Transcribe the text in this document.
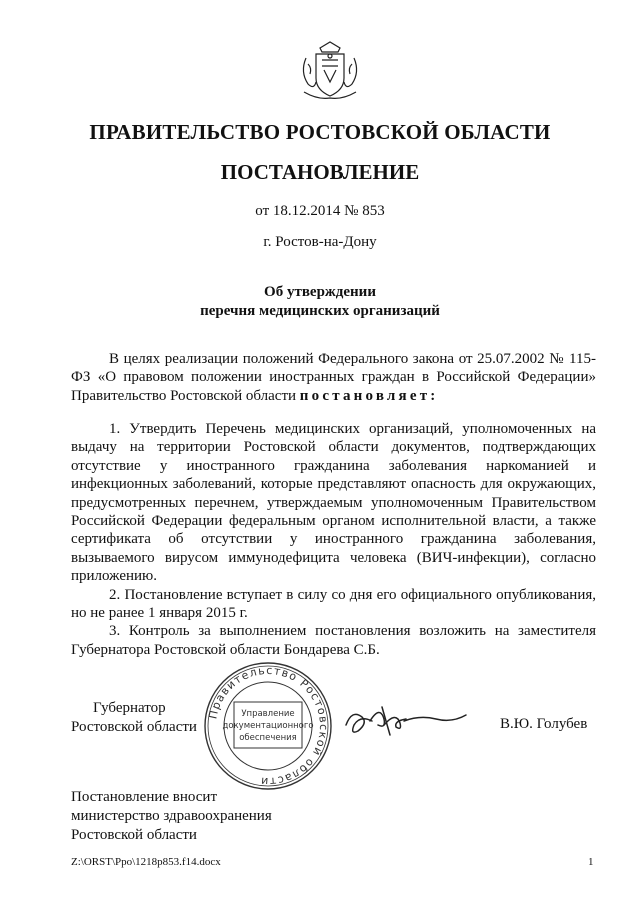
ПРАВИТЕЛЬСТВО РОСТОВСКОЙ ОБЛАСТИ
ПОСТАНОВЛЕНИЕ
от 18.12.2014 № 853
г. Ростов-на-Дону
Об утверждении
перечня медицинских организаций

В целях реализации положений Федерального закона от 25.07.2002 № 115-ФЗ «О правовом положении иностранных граждан в Российской Федерации» Правительство Ростовской области постановляет:

1. Утвердить Перечень медицинских организаций, уполномоченных на выдачу на территории Ростовской области документов, подтверждающих отсутствие у иностранного гражданина заболевания наркоманией и инфекционных заболеваний, которые представляют опасность для окружающих, предусмотренных перечнем, утверждаемым уполномоченным Правительством Российской Федерации федеральным органом исполнительной власти, а также сертификата об отсутствии у иностранного гражданина заболевания, вызываемого вирусом иммунодефицита человека (ВИЧ-инфекции), согласно приложению.

2. Постановление вступает в силу со дня его официального опубликования, но не ранее 1 января 2015 г.

3. Контроль за выполнением постановления возложить на заместителя Губернатора Ростовской области Бондарева С.Б.

Губернатор
Ростовской области
Правительство Ростовской области
Управление
документационного
обеспечения
В.Ю. Голубев
Постановление вносит
министерство здравоохранения
Ростовской области
Z:\ORST\Ppo\1218p853.f14.docx	1
